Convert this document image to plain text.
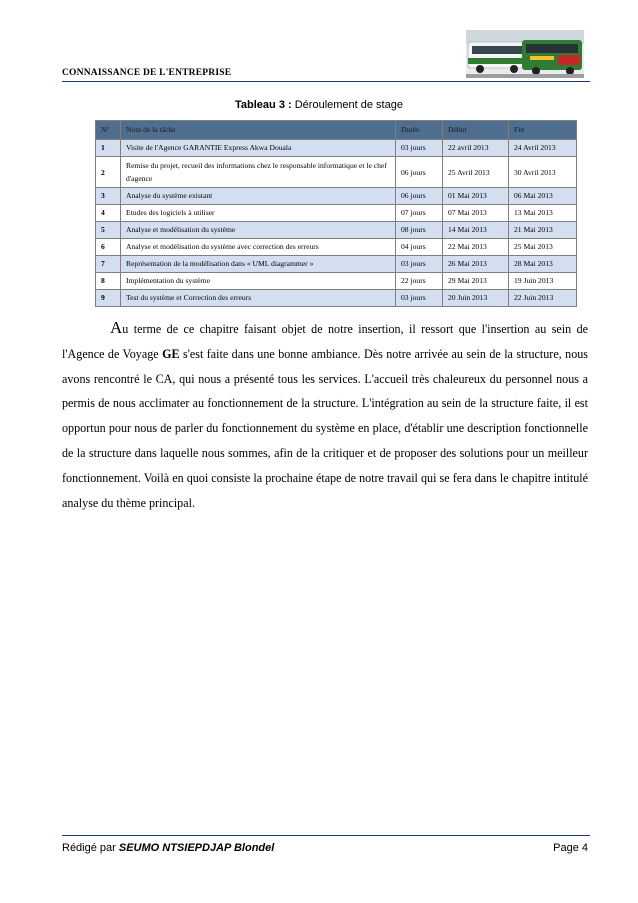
CONNAISSANCE DE L'ENTREPRISE
Tableau 3 : Déroulement de stage
N°	Nom de la tâche	Durée	Début	Fin
1	Visite de l'Agence GARANTIE Express Akwa Douala	03 jours	22 avril 2013	24 Avril 2013
2	Remise du projet, recueil des informations chez le responsable informatique et le chef d'agence	06 jours	25 Avril 2013	30 Avril 2013
3	Analyse du système existant	06 jours	01 Mai 2013	06 Mai 2013
4	Etudes des logiciels à utiliser	07 jours	07 Mai 2013	13 Mai 2013
5	Analyse et modélisation du système	08 jours	14 Mai 2013	21 Mai 2013
6	Analyse et modélisation du système avec correction des erreurs	04 jours	22 Mai 2013	25 Mai 2013
7	Représentation de la modélisation dans « UML diagrammer »	03 jours	26 Mai 2013	28 Mai 2013
8	Implémentation du système	22 jours	29 Mai 2013	19 Juin 2013
9	Test du système et Correction des erreurs	03 jours	20 Juin 2013	22 Juin 2013

Au terme de ce chapitre faisant objet de notre insertion, il ressort que l'insertion au sein de l'Agence de Voyage GE s'est faite dans une bonne ambiance. Dès notre arrivée au sein de la structure, nous avons rencontré le CA, qui nous a présenté tous les services. L'accueil très chaleureux du personnel nous a permis de nous acclimater au fonctionnement de la structure. L'intégration au sein de la structure faite, il est opportun pour nous de parler du fonctionnement du système en place, d'établir une description fonctionnelle de la structure dans laquelle nous sommes, afin de la critiquer et de proposer des solutions pour un meilleur fonctionnement. Voilà en quoi consiste la prochaine étape de notre travail qui se fera dans le chapitre intitulé analyse du thème principal.

Rédigé par SEUMO NTSIEPDJAP Blondel	Page 4
